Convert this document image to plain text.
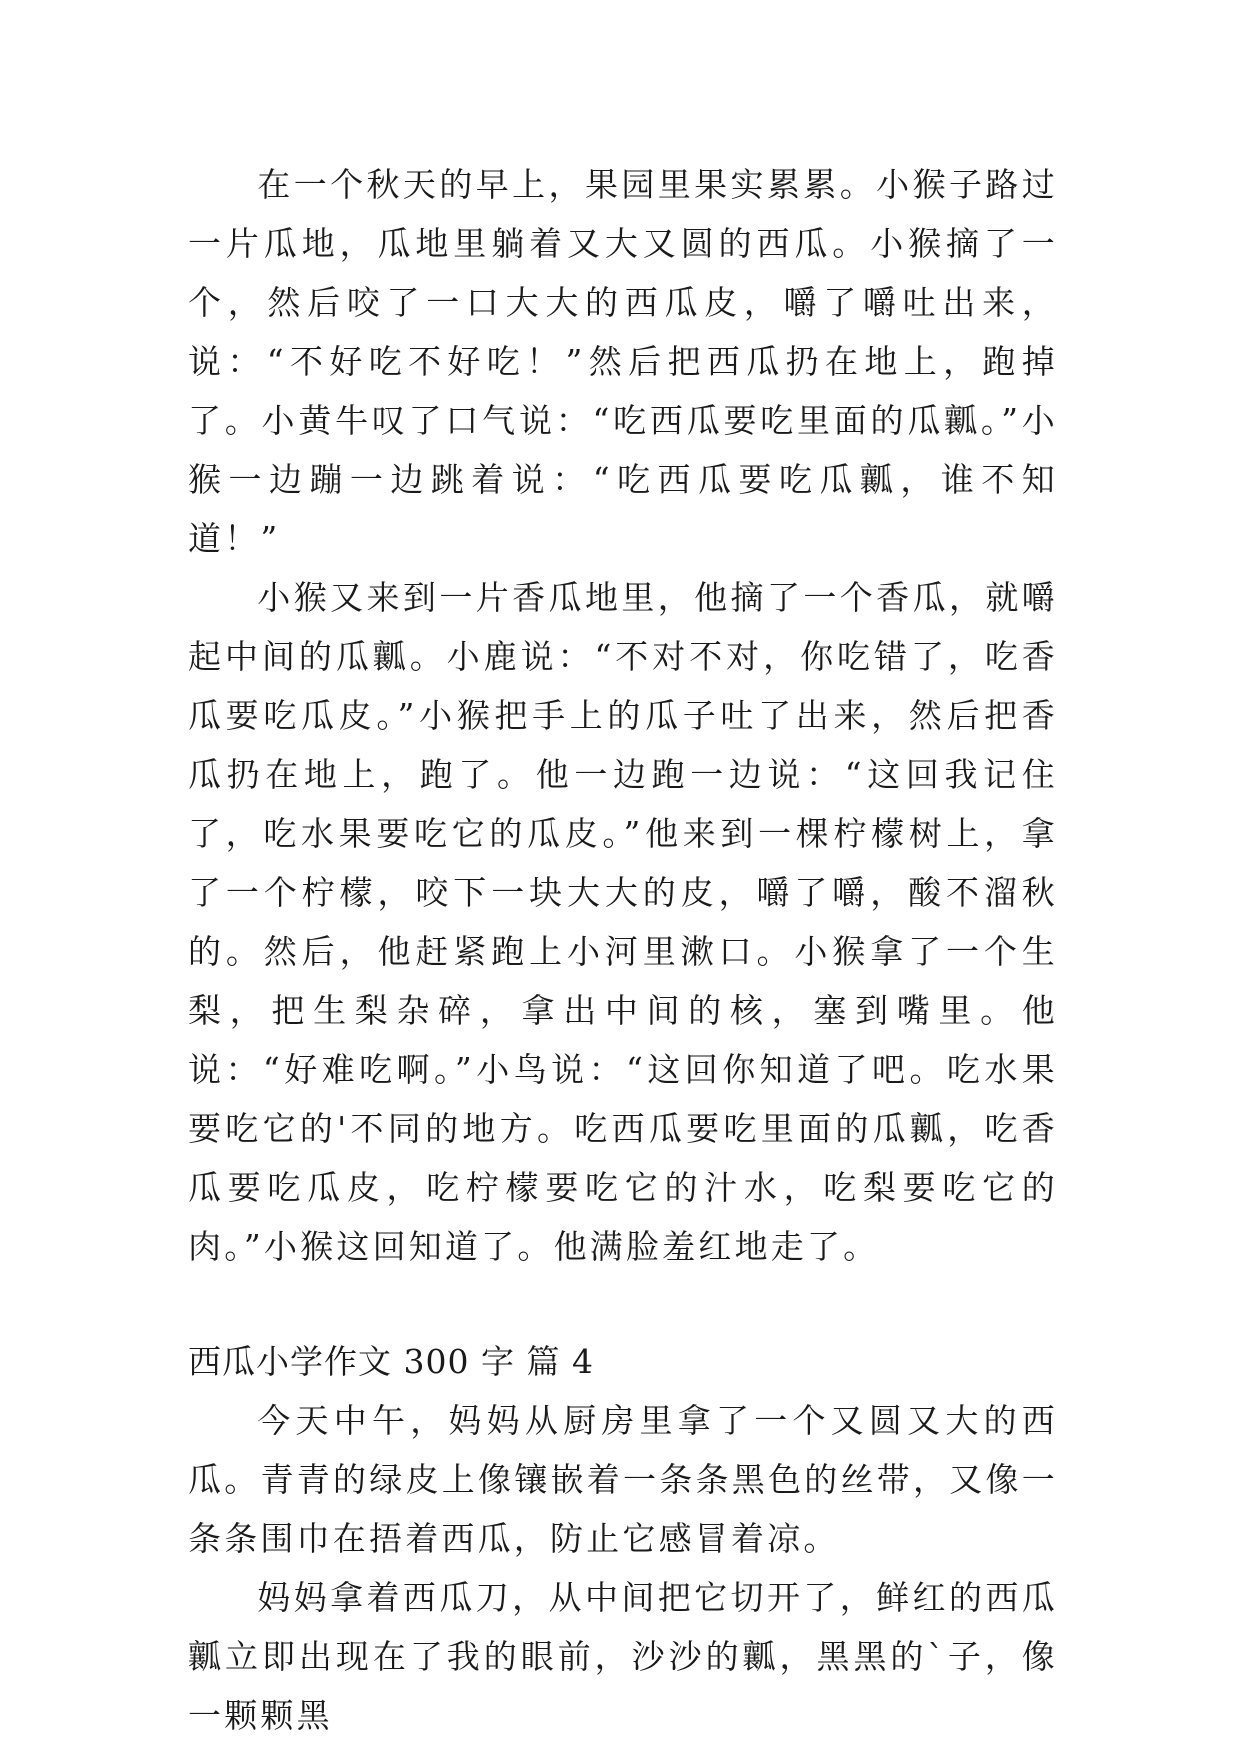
在一个秋天的早上，果园里果实累累。小猴子路过一片瓜地，瓜地里躺着又大又圆的西瓜。小猴摘了一个，然后咬了一口大大的西瓜皮，嚼了嚼吐出来，说：“不好吃不好吃！”然后把西瓜扔在地上，跑掉了。小黄牛叹了口气说：“吃西瓜要吃里面的瓜瓤。”小猴一边蹦一边跳着说：“吃西瓜要吃瓜瓤，谁不知道！”

小猴又来到一片香瓜地里，他摘了一个香瓜，就嚼起中间的瓜瓤。小鹿说：“不对不对，你吃错了，吃香瓜要吃瓜皮。”小猴把手上的瓜子吐了出来，然后把香瓜扔在地上，跑了。他一边跑一边说：“这回我记住了，吃水果要吃它的瓜皮。”他来到一棵柠檬树上，拿了一个柠檬，咬下一块大大的皮，嚼了嚼，酸不溜秋的。然后，他赶紧跑上小河里漱口。小猴拿了一个生梨，把生梨杂碎，拿出中间的核，塞到嘴里。他说：“好难吃啊。”小鸟说：“这回你知道了吧。吃水果要吃它的'不同的地方。吃西瓜要吃里面的瓜瓤，吃香瓜要吃瓜皮，吃柠檬要吃它的汁水，吃梨要吃它的肉。”小猴这回知道了。他满脸羞红地走了。

西瓜小学作文 300 字 篇 4

今天中午，妈妈从厨房里拿了一个又圆又大的西瓜。青青的绿皮上像镶嵌着一条条黑色的丝带，又像一条条围巾在捂着西瓜，防止它感冒着凉。

妈妈拿着西瓜刀，从中间把它切开了，鲜红的西瓜瓤立即出现在了我的眼前，沙沙的瓤，黑黑的`子，像一颗颗黑
